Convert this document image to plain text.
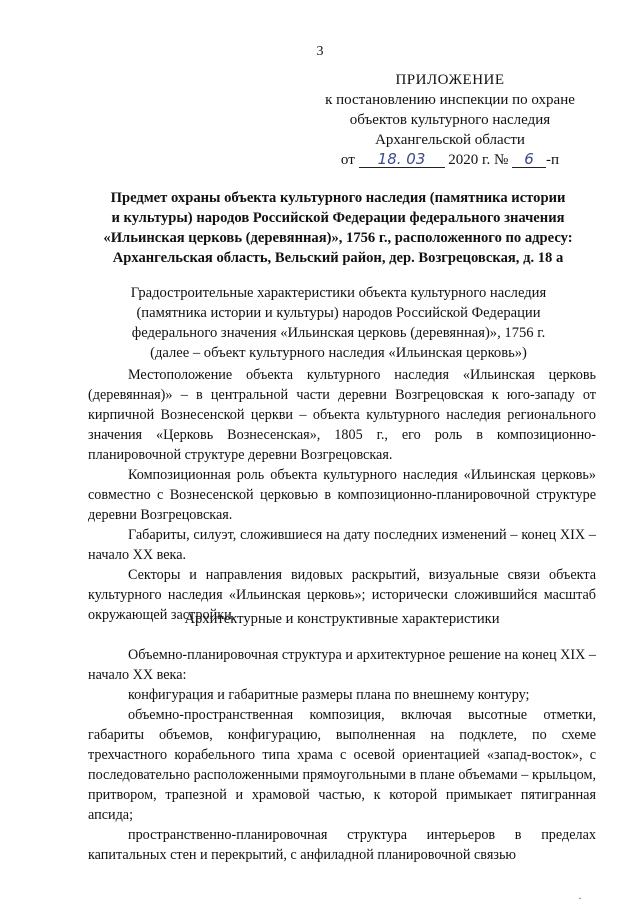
3
ПРИЛОЖЕНИЕ
к постановлению инспекции по охране
объектов культурного наследия
Архангельской области
от 18. 03 2020 г. № 6 -п
Предмет охраны объекта культурного наследия (памятника истории
и культуры) народов Российской Федерации федерального значения
«Ильинская церковь (деревянная)», 1756 г., расположенного по адресу:
Архангельская область, Вельский район, дер. Возгрецовская, д. 18 а
Градостроительные характеристики объекта культурного наследия
(памятника истории и культуры) народов Российской Федерации
федерального значения «Ильинская церковь (деревянная)», 1756 г.
(далее – объект культурного наследия «Ильинская церковь»)

Местоположение объекта культурного наследия «Ильинская церковь (деревянная)» – в центральной части деревни Возгрецовская к юго-западу от кирпичной Вознесенской церкви – объекта культурного наследия регионального значения «Церковь Вознесенская», 1805 г., его роль в композиционно-планировочной структуре деревни Возгрецовская.

Композиционная роль объекта культурного наследия «Ильинская церковь» совместно с Вознесенской церковью в композиционно-планировочной структуре деревни Возгрецовская.

Габариты, силуэт, сложившиеся на дату последних изменений – конец XIX – начало XX века.

Секторы и направления видовых раскрытий, визуальные связи объекта культурного наследия «Ильинская церковь»; исторически сложившийся масштаб окружающей застройки.

Архитектурные и конструктивные характеристики

Объемно-планировочная структура и архитектурное решение на конец XIX – начало XX века:

конфигурация и габаритные размеры плана по внешнему контуру;

объемно-пространственная композиция, включая высотные отметки, габариты объемов, конфигурацию, выполненная на подклете, по схеме трехчастного корабельного типа храма с осевой ориентацией «запад-восток», с последовательно расположенными прямоугольными в плане объемами – крыльцом, притвором, трапезной и храмовой частью, к которой примыкает пятигранная апсида;

пространственно-планировочная структура интерьеров в пределах капитальных стен и перекрытий, с анфиладной планировочной связью

·
